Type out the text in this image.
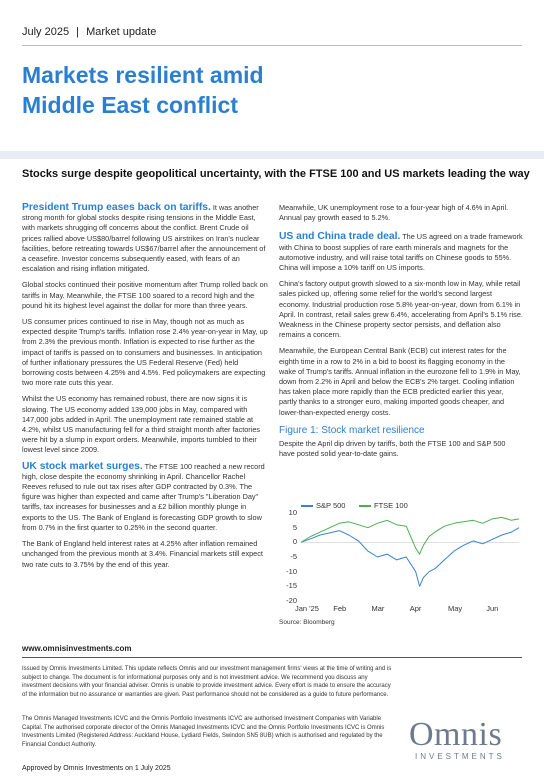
July 2025 | Market update
Markets resilient amid
Middle East conflict
Stocks surge despite geopolitical uncertainty, with the FTSE 100 and US markets leading the way

President Trump eases back on tariffs. It was another strong month for global stocks despite rising tensions in the Middle East, with markets shrugging off concerns about the conflict. Brent Crude oil prices rallied above US$80/barrel following US airstrikes on Iran's nuclear facilities, before retreating towards US$67/barrel after the announcement of a ceasefire. Investor concerns subsequently eased, with fears of an escalation and rising inflation mitigated.

Global stocks continued their positive momentum after Trump rolled back on tariffs in May. Meanwhile, the FTSE 100 soared to a record high and the pound hit its highest level against the dollar for more than three years.

US consumer prices continued to rise in May, though not as much as expected despite Trump's tariffs. Inflation rose 2.4% year-on-year in May, up from 2.3% the previous month. Inflation is expected to rise further as the impact of tariffs is passed on to consumers and businesses. In anticipation of further inflationary pressures the US Federal Reserve (Fed) held borrowing costs between 4.25% and 4.5%. Fed policymakers are expecting two more rate cuts this year.

Whilst the US economy has remained robust, there are now signs it is slowing. The US economy added 139,000 jobs in May, compared with 147,000 jobs added in April. The unemployment rate remained stable at 4.2%, whilst US manufacturing fell for a third straight month after factories were hit by a slump in export orders. Meanwhile, imports tumbled to their lowest level since 2009.

UK stock market surges. The FTSE 100 reached a new record high, close despite the economy shrinking in April. Chancellor Rachel Reeves refused to rule out tax rises after GDP contracted by 0.3%. The figure was higher than expected and came after Trump's "Liberation Day" tariffs, tax increases for businesses and a £2 billion monthly plunge in exports to the US. The Bank of England is forecasting GDP growth to slow from 0.7% in the first quarter to 0.25% in the second quarter.

The Bank of England held interest rates at 4.25% after inflation remained unchanged from the previous month at 3.4%. Financial markets still expect two rate cuts to 3.75% by the end of this year.

Meanwhile, UK unemployment rose to a four-year high of 4.6% in April. Annual pay growth eased to 5.2%.

US and China trade deal. The US agreed on a trade framework with China to boost supplies of rare earth minerals and magnets for the automotive industry, and will raise total tariffs on Chinese goods to 55%. China will impose a 10% tariff on US imports.

China's factory output growth slowed to a six-month low in May, while retail sales picked up, offering some relief for the world's second largest economy. Industrial production rose 5.8% year-on-year, down from 6.1% in April. In contrast, retail sales grew 6.4%, accelerating from April's 5.1% rise. Weakness in the Chinese property sector persists, and deflation also remains a concern.

Meanwhile, the European Central Bank (ECB) cut interest rates for the eighth time in a row to 2% in a bid to boost its flagging economy in the wake of Trump's tariffs. Annual inflation in the eurozone fell to 1.9% in May, down from 2.2% in April and below the ECB's 2% target. Cooling inflation has taken place more rapidly than the ECB predicted earlier this year, partly thanks to a stronger euro, making imported goods cheaper, and lower-than-expected energy costs.

Figure 1: Stock market resilience
Despite the April dip driven by tariffs, both the FTSE 100 and S&P 500 have posted solid year-to-date gains.
S&P 500	FTSE 100
10
5
0
-5
-10
-15
-20
Jan '25 Feb	Mar	Apr	May	Jun
Source: Bloomberg
www.omnisinvestments.com
Issued by Omnis Investments Limited. This update reflects Omnis and our investment management firms' views at the time of writing and is subject to change. The document is for informational purposes only and is not investment advice. We recommend you discuss any investment decisions with your financial adviser. Omnis is unable to provide investment advice. Every effort is made to ensure the accuracy of the information but no assurance or warranties are given. Past performance should not be considered as a guide to future performance.
The Omnis Managed Investments ICVC and the Omnis Portfolio Investments ICVC are authorised Investment Companies with Variable Capital. The authorised corporate director of the Omnis Managed Investments ICVC and the Omnis Portfolio Investments ICVC is Omnis Investments Limited (Registered Address: Auckland House, Lydiard Fields, Swindon SN5 8UB) which is authorised and regulated by the Financial Conduct Authority.	Omnis
INVESTMENTS
Approved by Omnis Investments on 1 July 2025
